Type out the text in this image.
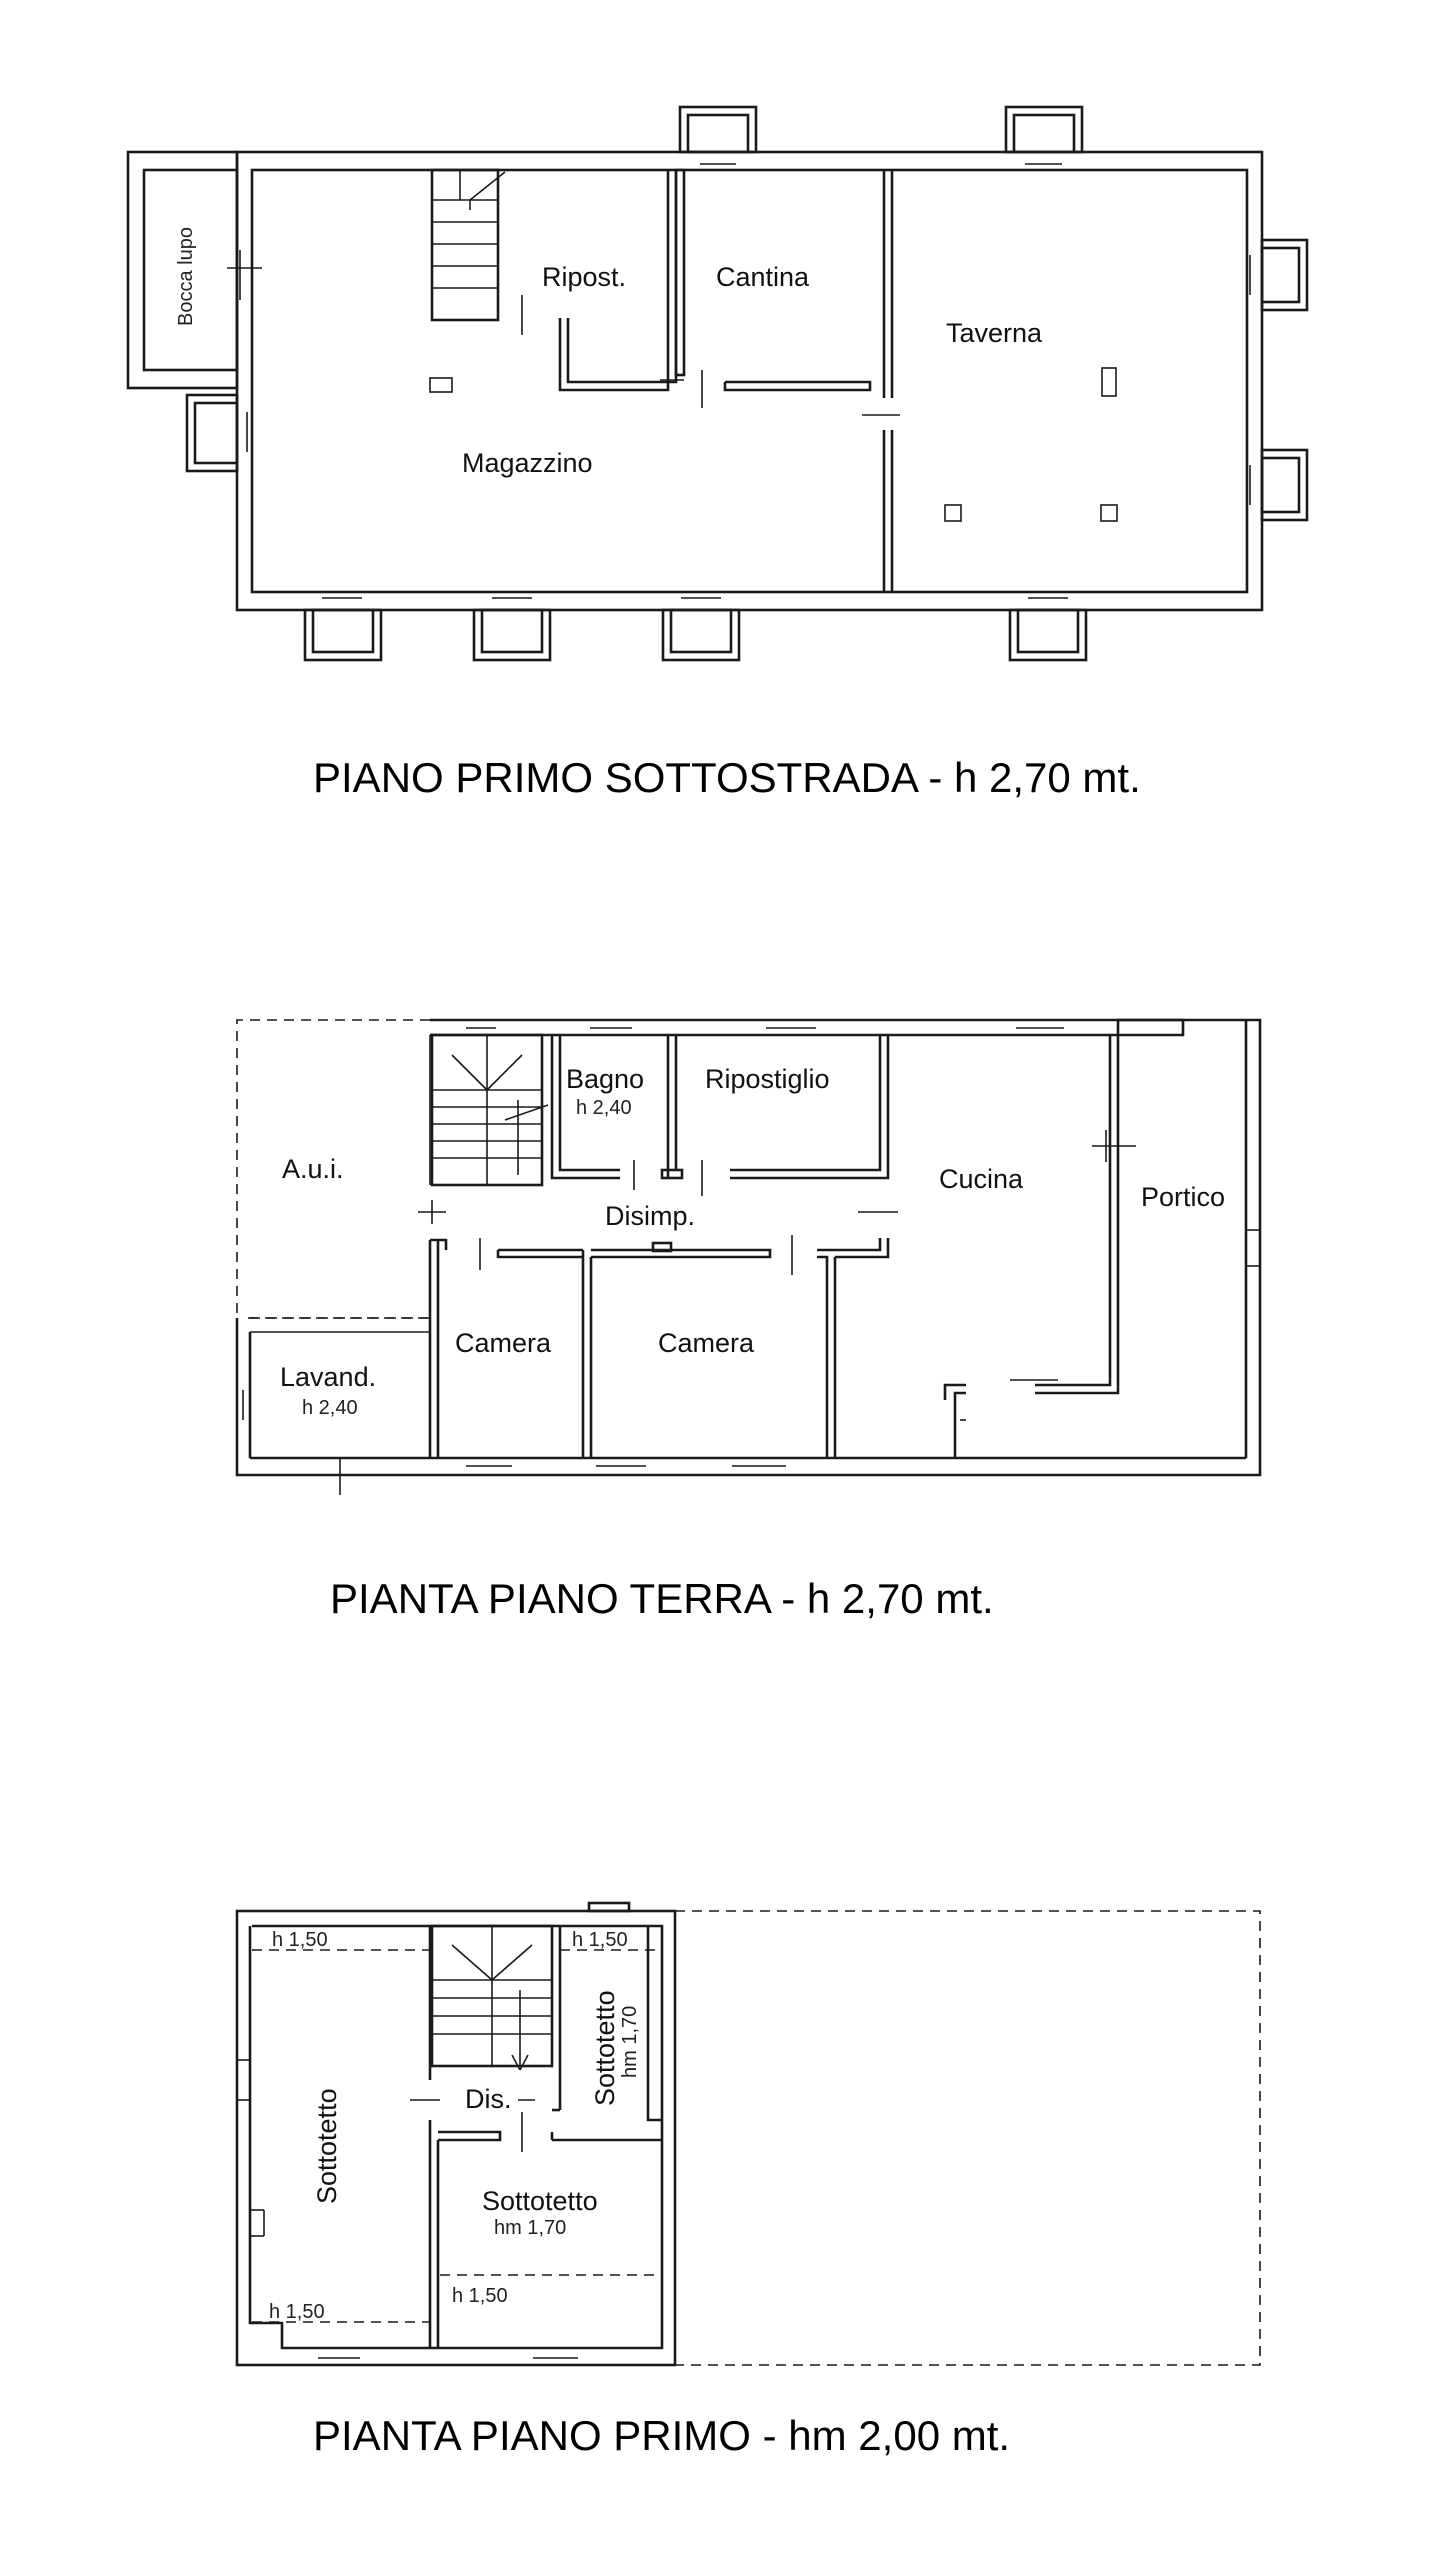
Bocca lupo	Ripost.	Cantina
Taverna
Magazzino
PIANO PRIMO SOTTOSTRADA - h 2,70 mt.
Bagno
h 2,40
Ripostiglio
A.u.i.
Disimp.
Cucina
Portico
Camera	Camera
Lavand.
h 2,40
PIANTA PIANO TERRA - h 2,70 mt.
h 1,50	h 1,50
h 1,50
h 1,50
Sottotetto
Sottotetto hm 1,70
Dis.
Sottotetto
hm 1,70
PIANTA PIANO PRIMO - hm 2,00 mt.
